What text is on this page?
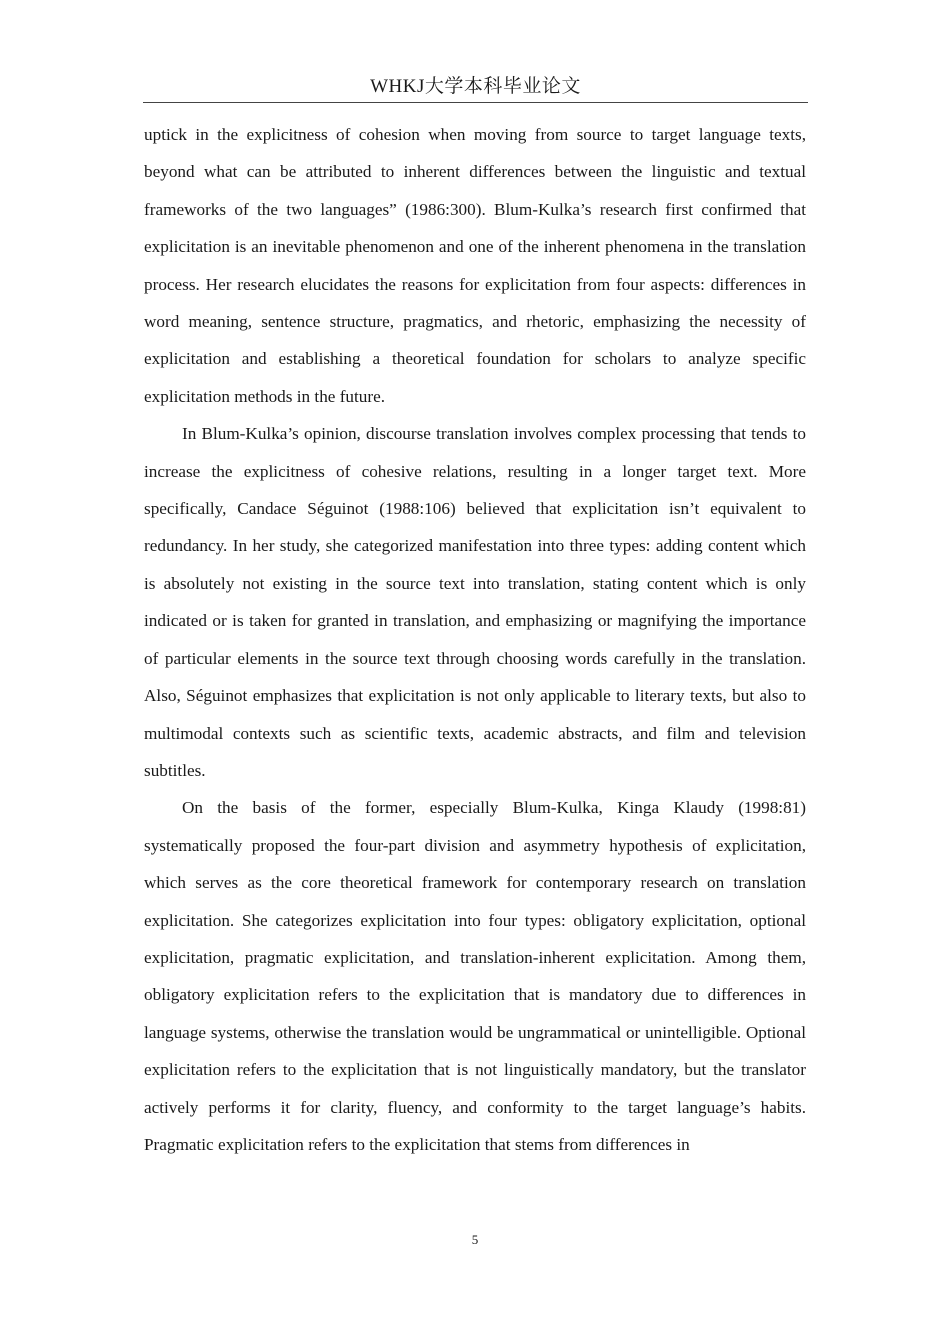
WHKJ大学本科毕业论文

uptick in the explicitness of cohesion when moving from source to target language texts, beyond what can be attributed to inherent differences between the linguistic and textual frameworks of the two languages” (1986:300). Blum-Kulka’s research first confirmed that explicitation is an inevitable phenomenon and one of the inherent phenomena in the translation process. Her research elucidates the reasons for explicitation from four aspects: differences in word meaning, sentence structure, pragmatics, and rhetoric, emphasizing the necessity of explicitation and establishing a theoretical foundation for scholars to analyze specific explicitation methods in the future.

In Blum-Kulka’s opinion, discourse translation involves complex processing that tends to increase the explicitness of cohesive relations, resulting in a longer target text. More specifically, Candace Séguinot (1988:106) believed that explicitation isn’t equivalent to redundancy. In her study, she categorized manifestation into three types: adding content which is absolutely not existing in the source text into translation, stating content which is only indicated or is taken for granted in translation, and emphasizing or magnifying the importance of particular elements in the source text through choosing words carefully in the translation. Also, Séguinot emphasizes that explicitation is not only applicable to literary texts, but also to multimodal contexts such as scientific texts, academic abstracts, and film and television subtitles.

On the basis of the former, especially Blum-Kulka, Kinga Klaudy (1998:81) systematically proposed the four-part division and asymmetry hypothesis of explicitation, which serves as the core theoretical framework for contemporary research on translation explicitation. She categorizes explicitation into four types: obligatory explicitation, optional explicitation, pragmatic explicitation, and translation-inherent explicitation. Among them, obligatory explicitation refers to the explicitation that is mandatory due to differences in language systems, otherwise the translation would be ungrammatical or unintelligible. Optional explicitation refers to the explicitation that is not linguistically mandatory, but the translator actively performs it for clarity, fluency, and conformity to the target language’s habits. Pragmatic explicitation refers to the explicitation that stems from differences in

5
